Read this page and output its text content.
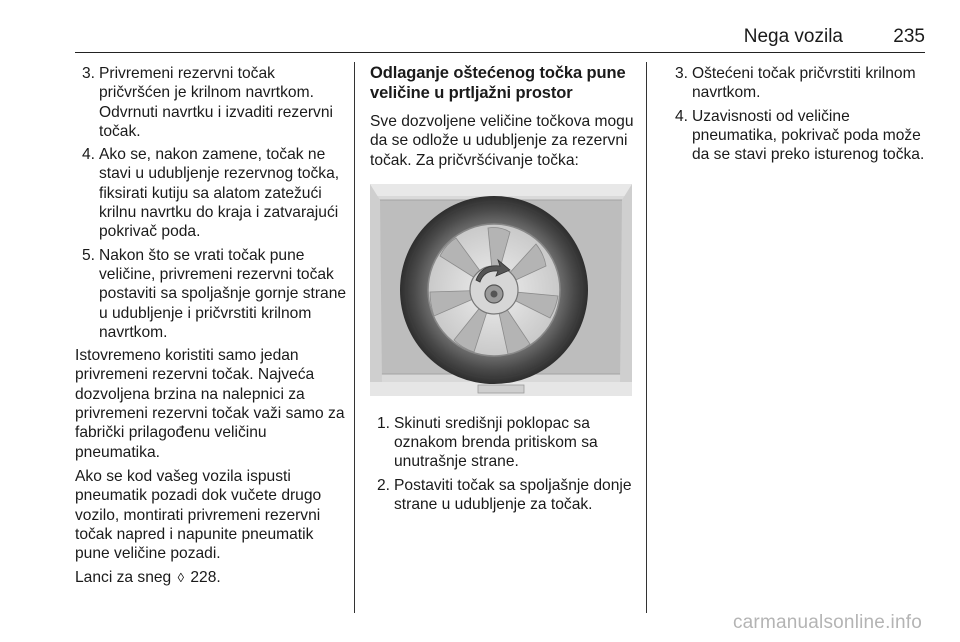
Nega vozila	235
3. Privremeni rezervni točak pričvršćen je krilnom navrtkom. Odvrnuti navrtku i izvaditi rezervni točak.
4. Ako se, nakon zamene, točak ne stavi u udubljenje rezervnog točka, fiksirati kutiju sa alatom zatežući krilnu navrtku do kraja i zatvarajući pokrivač poda.
5. Nakon što se vrati točak pune veličine, privremeni rezervni točak postaviti sa spoljašnje gornje strane u udubljenje i pričvrstiti krilnom navrtkom.

Istovremeno koristiti samo jedan privremeni rezervni točak. Najveća dozvoljena brzina na nalepnici za privremeni rezervni točak važi samo za fabrički prilagođenu veličinu pneumatika.

Ako se kod vašeg vozila ispusti pneumatik pozadi dok vučete drugo vozilo, montirati privremeni rezervni točak napred i napunite pneumatik pune veličine pozadi.

Lanci za sneg ◊ 228.

Odlaganje oštećenog točka pune veličine u prtljažni prostor

Sve dozvoljene veličine točkova mogu da se odlože u udubljenje za rezervni točak. Za pričvršćivanje točka:

1. Skinuti središnji poklopac sa oznakom brenda pritiskom sa unutrašnje strane.
2. Postaviti točak sa spoljašnje donje strane u udubljenje za točak.
3. Oštećeni točak pričvrstiti krilnom navrtkom.
4. Uzavisnosti od veličine pneumatika, pokrivač poda može da se stavi preko isturenog točka.
carmanualsonline.info
